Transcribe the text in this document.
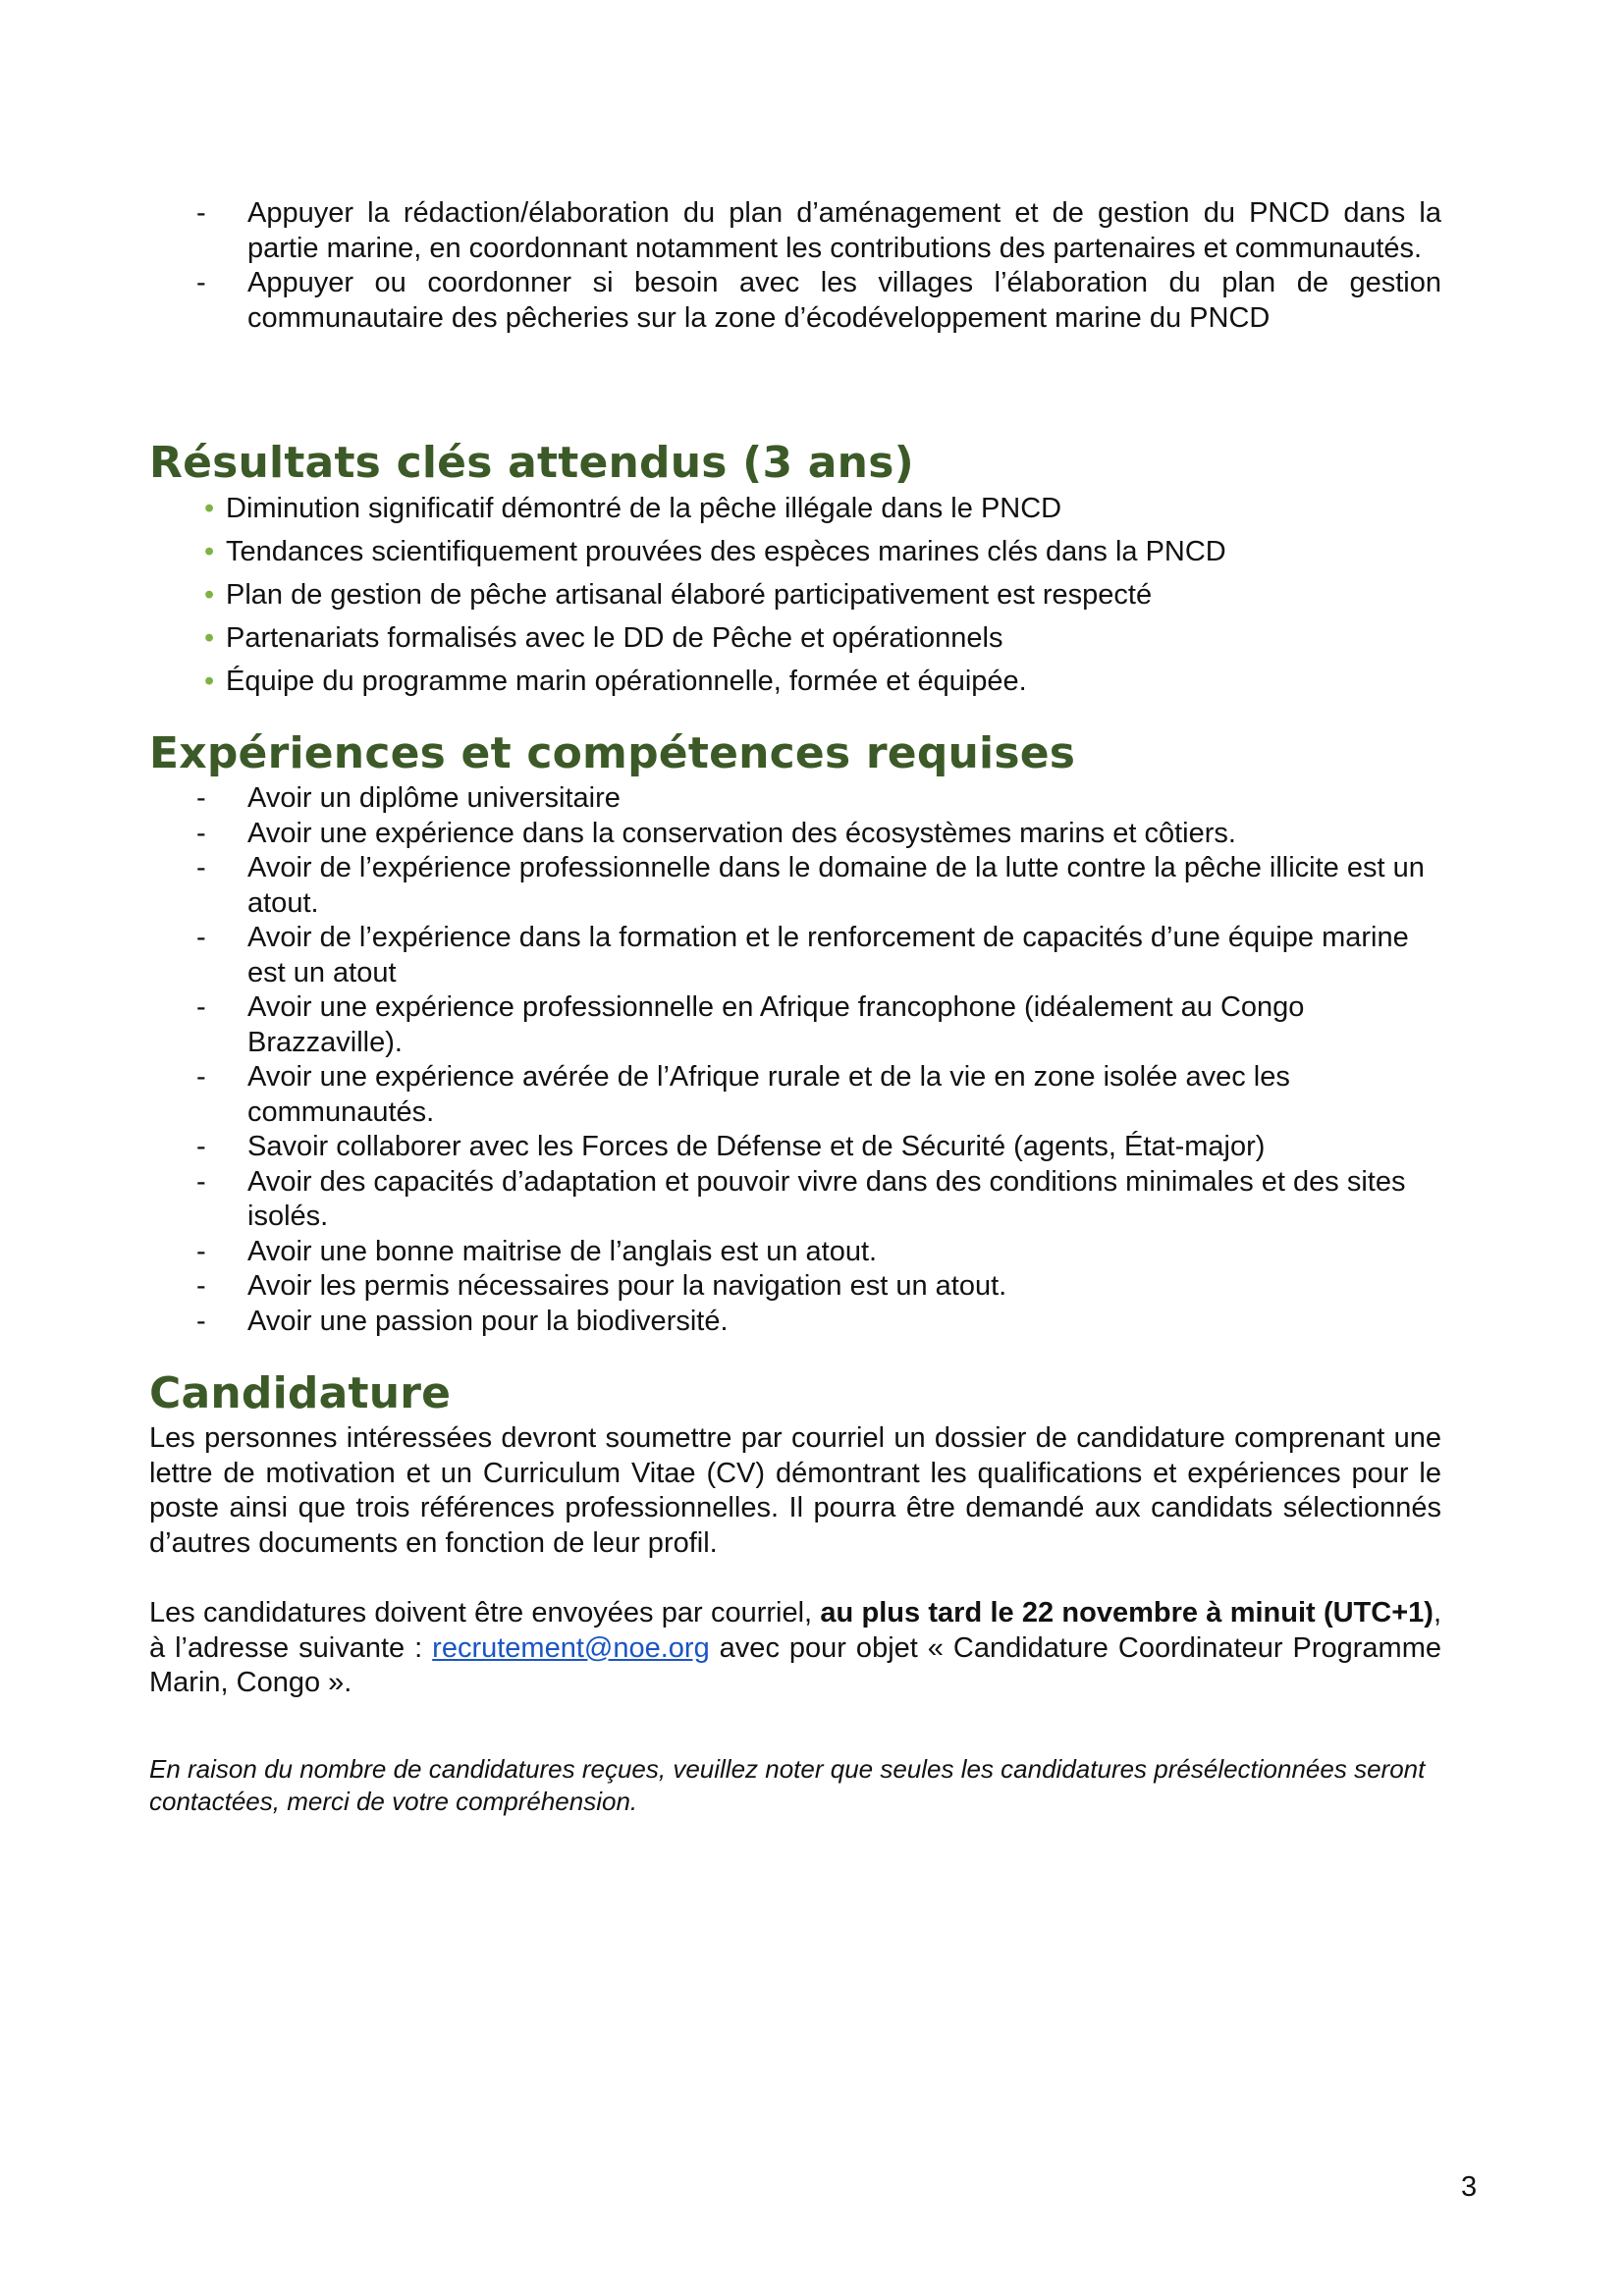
- Appuyer la rédaction/élaboration du plan d’aménagement et de gestion du PNCD dans la partie marine, en coordonnant notamment les contributions des partenaires et communautés.
- Appuyer ou coordonner si besoin avec les villages l’élaboration du plan de gestion communautaire des pêcheries sur la zone d’écodéveloppement marine du PNCD
Résultats clés attendus (3 ans)
• Diminution significatif démontré de la pêche illégale dans le PNCD
• Tendances scientifiquement prouvées des espèces marines clés dans la PNCD
• Plan de gestion de pêche artisanal élaboré participativement est respecté
• Partenariats formalisés avec le DD de Pêche et opérationnels
• Équipe du programme marin opérationnelle, formée et équipée.
Expériences et compétences requises
- Avoir un diplôme universitaire
- Avoir une expérience dans la conservation des écosystèmes marins et côtiers.
- Avoir de l’expérience professionnelle dans le domaine de la lutte contre la pêche illicite est un atout.
- Avoir de l’expérience dans la formation et le renforcement de capacités d’une équipe marine est un atout
- Avoir une expérience professionnelle en Afrique francophone (idéalement au Congo Brazzaville).
- Avoir une expérience avérée de l’Afrique rurale et de la vie en zone isolée avec les communautés.
- Savoir collaborer avec les Forces de Défense et de Sécurité (agents, État-major)
- Avoir des capacités d’adaptation et pouvoir vivre dans des conditions minimales et des sites isolés.
- Avoir une bonne maitrise de l’anglais est un atout.
- Avoir les permis nécessaires pour la navigation est un atout.
- Avoir une passion pour la biodiversité.
Candidature

Les personnes intéressées devront soumettre par courriel un dossier de candidature comprenant une lettre de motivation et un Curriculum Vitae (CV) démontrant les qualifications et expériences pour le poste ainsi que trois références professionnelles. Il pourra être demandé aux candidats sélectionnés d’autres documents en fonction de leur profil.

Les candidatures doivent être envoyées par courriel, au plus tard le 22 novembre à minuit (UTC+1), à l’adresse suivante : recrutement@noe.org avec pour objet « Candidature Coordinateur Programme Marin, Congo ».

En raison du nombre de candidatures reçues, veuillez noter que seules les candidatures présélectionnées seront contactées, merci de votre compréhension.

3
